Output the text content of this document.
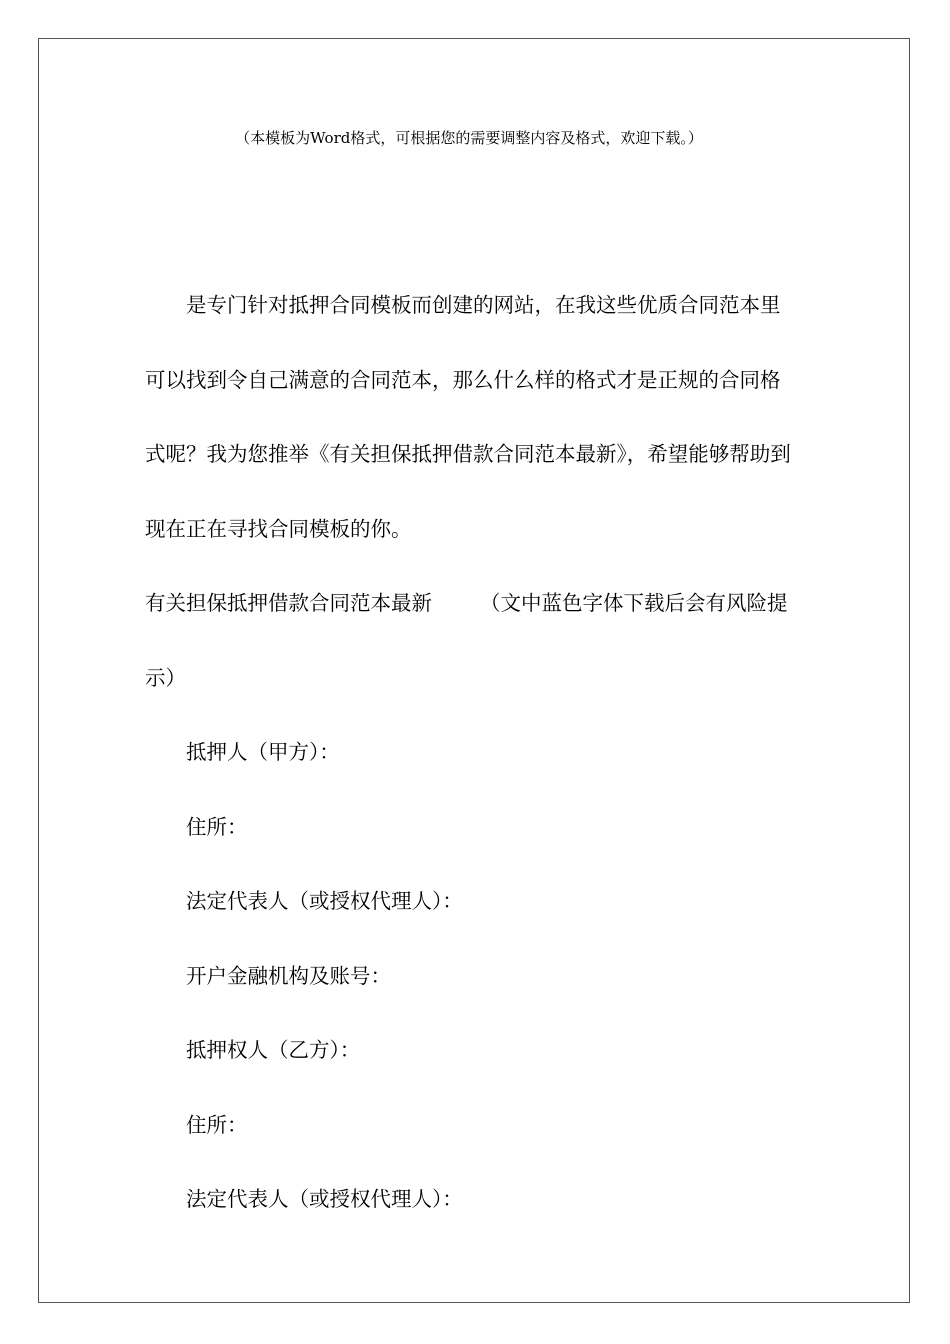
（本模板为Word格式，可根据您的需要调整内容及格式，欢迎下载。）

是专门针对抵押合同模板而创建的网站，在我这些优质合同范本里可以找到令自己满意的合同范本，那么什么样的格式才是正规的合同格式呢？我为您推举《有关担保抵押借款合同范本最新》，希望能够帮助到现在正在寻找合同模板的你。

有关担保抵押借款合同范本最新 （文中蓝色字体下载后会有风险提示）

抵押人（甲方）：

住所：

法定代表人（或授权代理人）：

开户金融机构及账号：

抵押权人（乙方）：

住所：

法定代表人（或授权代理人）：
